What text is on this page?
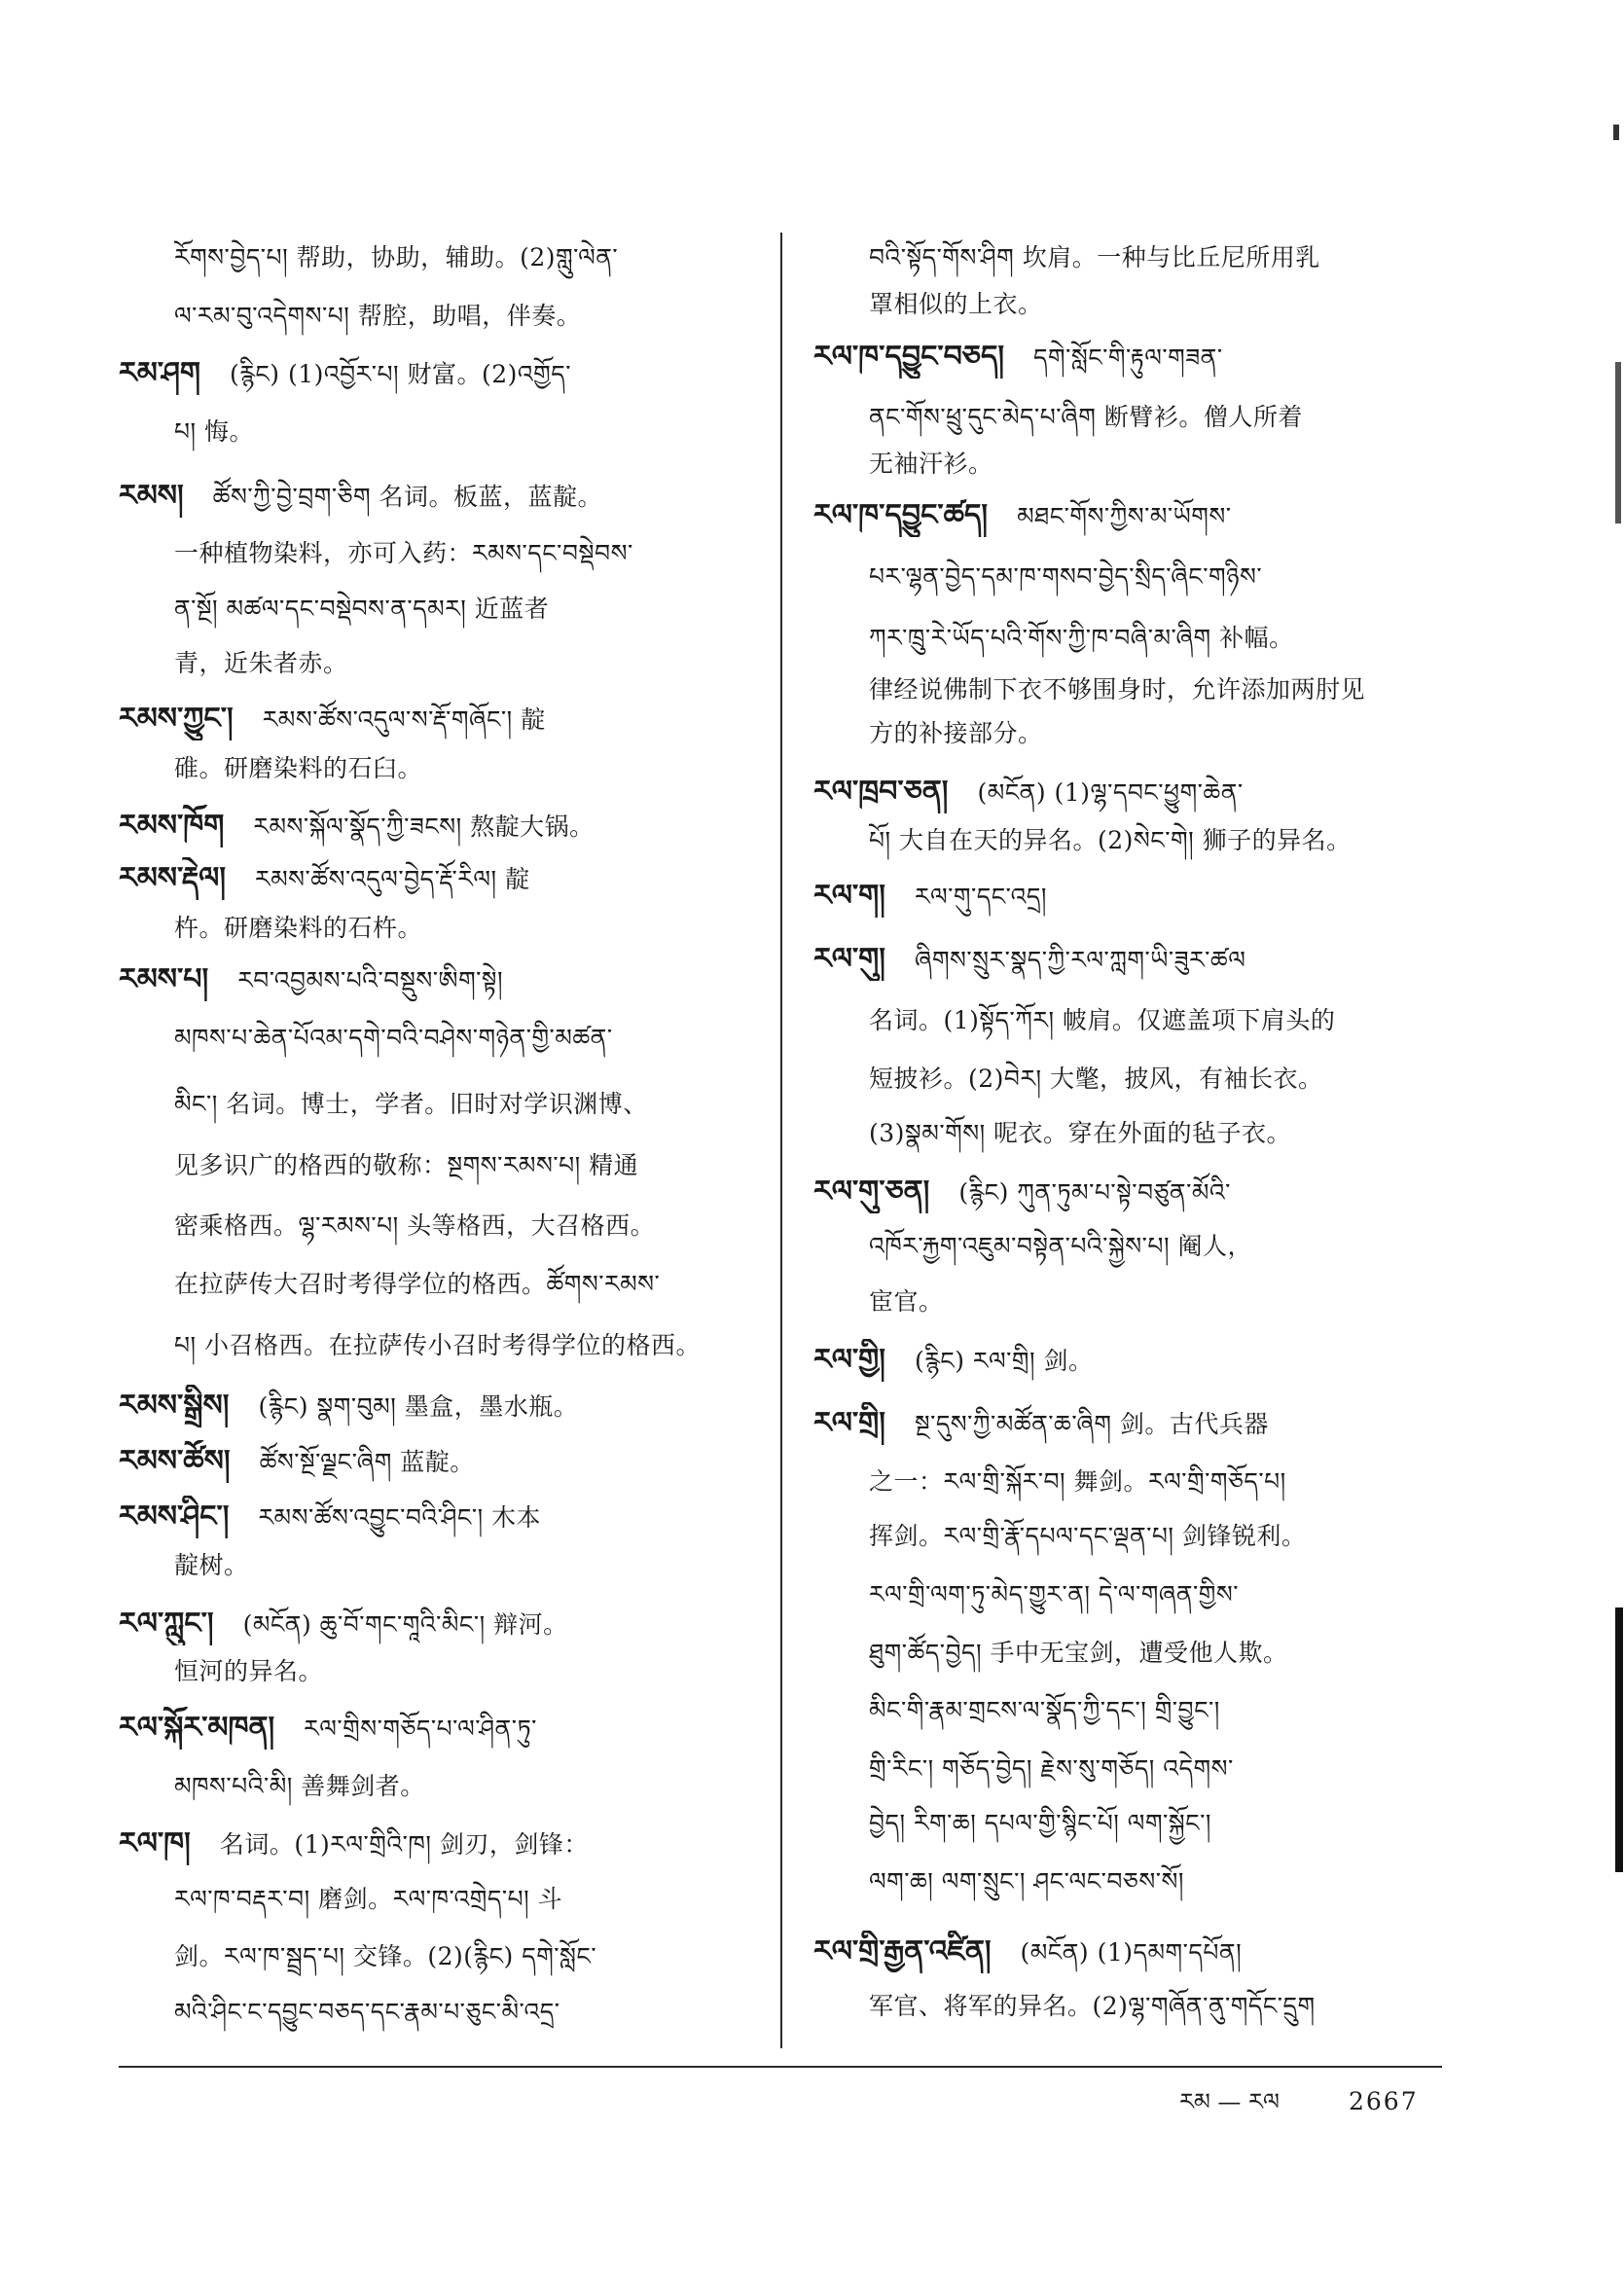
རོགས་བྱེད་པ། 帮助，协助，辅助。(2)གླུ་ལེན་
ལ་རམ་བུ་འདེགས་པ། 帮腔，助唱，伴奏。
རམ་ཤག (རྙིང) (1)འབྱོར་པ། 财富。(2)འགྱོད་
པ། 悔。
རམས། ཚོས་ཀྱི་བྱེ་བྲག་ཅིག 名词。板蓝，蓝靛。
一种植物染料，亦可入药：རམས་དང་བསྡེབས་
ན་སྔོ། མཚལ་དང་བསྡེབས་ན་དམར། 近蓝者
青，近朱者赤。
རམས་ཀྱུང་། རམས་ཚོས་འདུལ་ས་རྡོ་གཞོང་། 靛
碓。研磨染料的石臼。
རམས་ཁོག རམས་སྐོལ་སྣོད་ཀྱི་ཟངས། 熬靛大锅。
རམས་རྡེལ། རམས་ཚོས་འདུལ་བྱེད་རྡོ་རིལ། 靛
杵。研磨染料的石杵。
རམས་པ། རབ་འབྱམས་པའི་བསྡུས་ཨིག་སྟེ།
མཁས་པ་ཆེན་པོའམ་དགེ་བའི་བཤེས་གཉེན་གྱི་མཚན་
མིང་། 名词。博士，学者。旧时对学识渊博、
见多识广的格西的敬称：སྔགས་རམས་པ། 精通
密乘格西。ལྷ་རམས་པ། 头等格西，大召格西。
在拉萨传大召时考得学位的格西。ཚོགས་རམས་
པ། 小召格西。在拉萨传小召时考得学位的格西。
རམས་སྒྲིས། (རྙིང) སྣག་བུམ། 墨盒，墨水瓶。
རམས་ཚོས། ཚོས་སྔོ་ལྗང་ཞིག 蓝靛。
རམས་ཤིང་། རམས་ཚོས་འབྱུང་བའི་ཤིང་། 木本
靛树。
རལ་ཀླུང་། (མངོན) ཆུ་བོ་གང་གཱའི་མིང་། 辩河。
恒河的异名。
རལ་སྐོར་མཁན། རལ་གྲིས་གཅོད་པ་ལ་ཤིན་ཏུ་
མཁས་པའི་མི། 善舞剑者。
རལ་ཁ། 名词。(1)རལ་གྲིའི་ཁ། 剑刃，剑锋：
རལ་ཁ་བརྡར་བ། 磨剑。རལ་ཁ་འགྲེད་པ། 斗
剑。རལ་ཁ་སྦྲད་པ། 交锋。(2)(རྙིང) དགེ་སློང་
མའི་ཤིང་ང་དབྱུང་བཅད་དང་རྣམ་པ་ཅུང་མི་འདྲ་
བའི་སྟོད་གོས་ཤིག 坎肩。一种与比丘尼所用乳
罩相似的上衣。
རལ་ཁ་དབྱུང་བཅད། དགེ་སློང་གི་རྟུལ་གཟན་
ནང་གོས་ཕྲུ་དུང་མེད་པ་ཞིག 断臂衫。僧人所着
无袖汗衫。
རལ་ཁ་དབྱུང་ཚད། མཐང་གོས་ཀྱིས་མ་ཡོགས་
པར་ལྷན་བྱེད་དམ་ཁ་གསབ་བྱེད་སྲིད་ཞིང་གཉིས་
ཀར་ཁྲུ་རེ་ཡོད་པའི་གོས་ཀྱི་ཁ་བཞི་མ་ཞིག 补幅。
律经说佛制下衣不够围身时，允许添加两肘见
方的补接部分。
རལ་ཁྲབ་ཅན། (མངོན) (1)ལྷ་དབང་ཕྱུག་ཆེན་
པོ། 大自在天的异名。(2)སེང་གེ། 狮子的异名。
རལ་ག། རལ་གུ་དང་འདྲ།
རལ་གུ། ཞིགས་སྲུར་སྣད་ཀྱི་རལ་ཀླག་ཡི་ཟུར་ཚལ
名词。(1)སྟོད་ཀོར། 帔肩。仅遮盖项下肩头的
短披衫。(2)བེར། 大氅，披风，有袖长衣。
(3)སྣམ་གོས། 呢衣。穿在外面的毡子衣。
རལ་གུ་ཅན། (རྙིང) ཀུན་ཏུམ་པ་སྟེ་བཙུན་མོའི་
འཁོར་རྐྱག་འཇུམ་བསྟེན་པའི་སྐྱེས་པ། 阉人，
宦官。
རལ་གྱི། (རྙིང) རལ་གྲི། 剑。
རལ་གྲི། སྔ་དུས་ཀྱི་མཚོན་ཆ་ཞིག 剑。古代兵器
之一：རལ་གྲི་སྐོར་བ། 舞剑。རལ་གྲི་གཅོད་པ།
挥剑。རལ་གྲི་རྣོ་དཔལ་དང་ལྡན་པ། 剑锋锐利。
རལ་གྲི་ལག་ཏུ་མེད་གྱུར་ན། དེ་ལ་གཞན་གྱིས་
ཐུག་ཚོད་བྱེད། 手中无宝剑，遭受他人欺。
མིང་གི་རྣམ་གྲངས་ལ་སྣོད་ཀྱི་དང་། གྲི་བྱུང་།
གྲི་རིང་། གཅོད་བྱེད། རྗེས་སུ་གཅོད། འདེགས་
བྱེད། རིག་ཆ། དཔལ་གྱི་སྙིང་པོ། ལག་སྐྱོང་།
ལག་ཆ། ལག་སྲུང་། ཤང་ལང་བཅས་སོ།
རལ་གྲི་རྒྱན་འཛིན། (མངོན) (1)དམག་དཔོན།
军官、将军的异名。(2)ལྷ་གཞོན་ནུ་གདོང་དྲུག
རམ — རལ	2667
